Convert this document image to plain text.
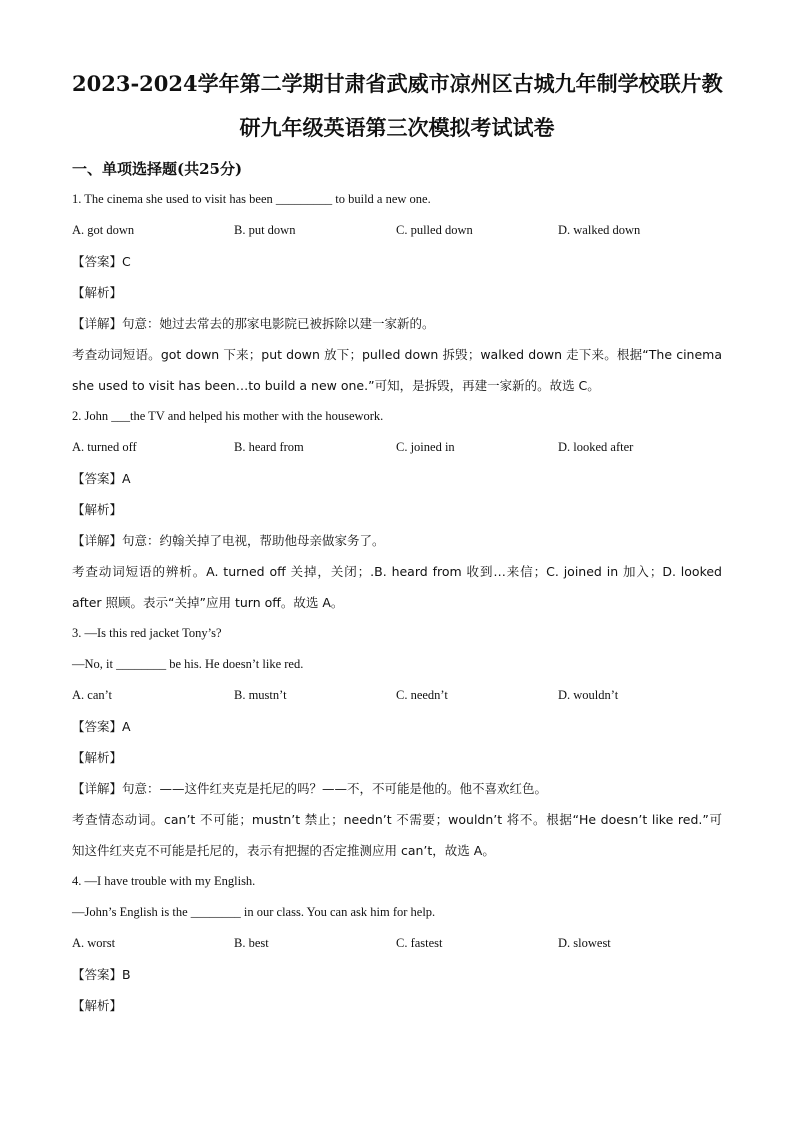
2023-2024学年第二学期甘肃省武威市凉州区古城九年制学校联片教
研九年级英语第三次模拟考试试卷
一、单项选择题(共25分)
1. The cinema she used to visit has been _________ to build a new one.
A. got down	B. put down	C. pulled down	D. walked down
【答案】C
【解析】
【详解】句意：她过去常去的那家电影院已被拆除以建一家新的。
考查动词短语。got down 下来；put down 放下；pulled down 拆毁；walked down 走下来。根据“The cinema
she used to visit has been…to build a new one.”可知，是拆毁，再建一家新的。故选 C。
2. John ___the TV and helped his mother with the housework.
A. turned off	B. heard from	C. joined in	D. looked after
【答案】A
【解析】
【详解】句意：约翰关掉了电视，帮助他母亲做家务了。
考查动词短语的辨析。A. turned off 关掉，关闭；.B. heard from 收到…来信；C. joined in 加入；D. looked
after 照顾。表示“关掉”应用 turn off。故选 A。
3. —Is this red jacket Tony’s?
—No, it ________ be his. He doesn’t like red.
A. can’t	B. mustn’t	C. needn’t	D. wouldn’t
【答案】A
【解析】
【详解】句意：——这件红夹克是托尼的吗？——不，不可能是他的。他不喜欢红色。
考查情态动词。can’t 不可能；mustn’t 禁止；needn’t 不需要；wouldn’t 将不。根据“He doesn’t like red.”可
知这件红夹克不可能是托尼的，表示有把握的否定推测应用 can’t，故选 A。
4. —I have trouble with my English.
—John’s English is the ________ in our class. You can ask him for help.
A. worst	B. best	C. fastest	D. slowest
【答案】B
【解析】
